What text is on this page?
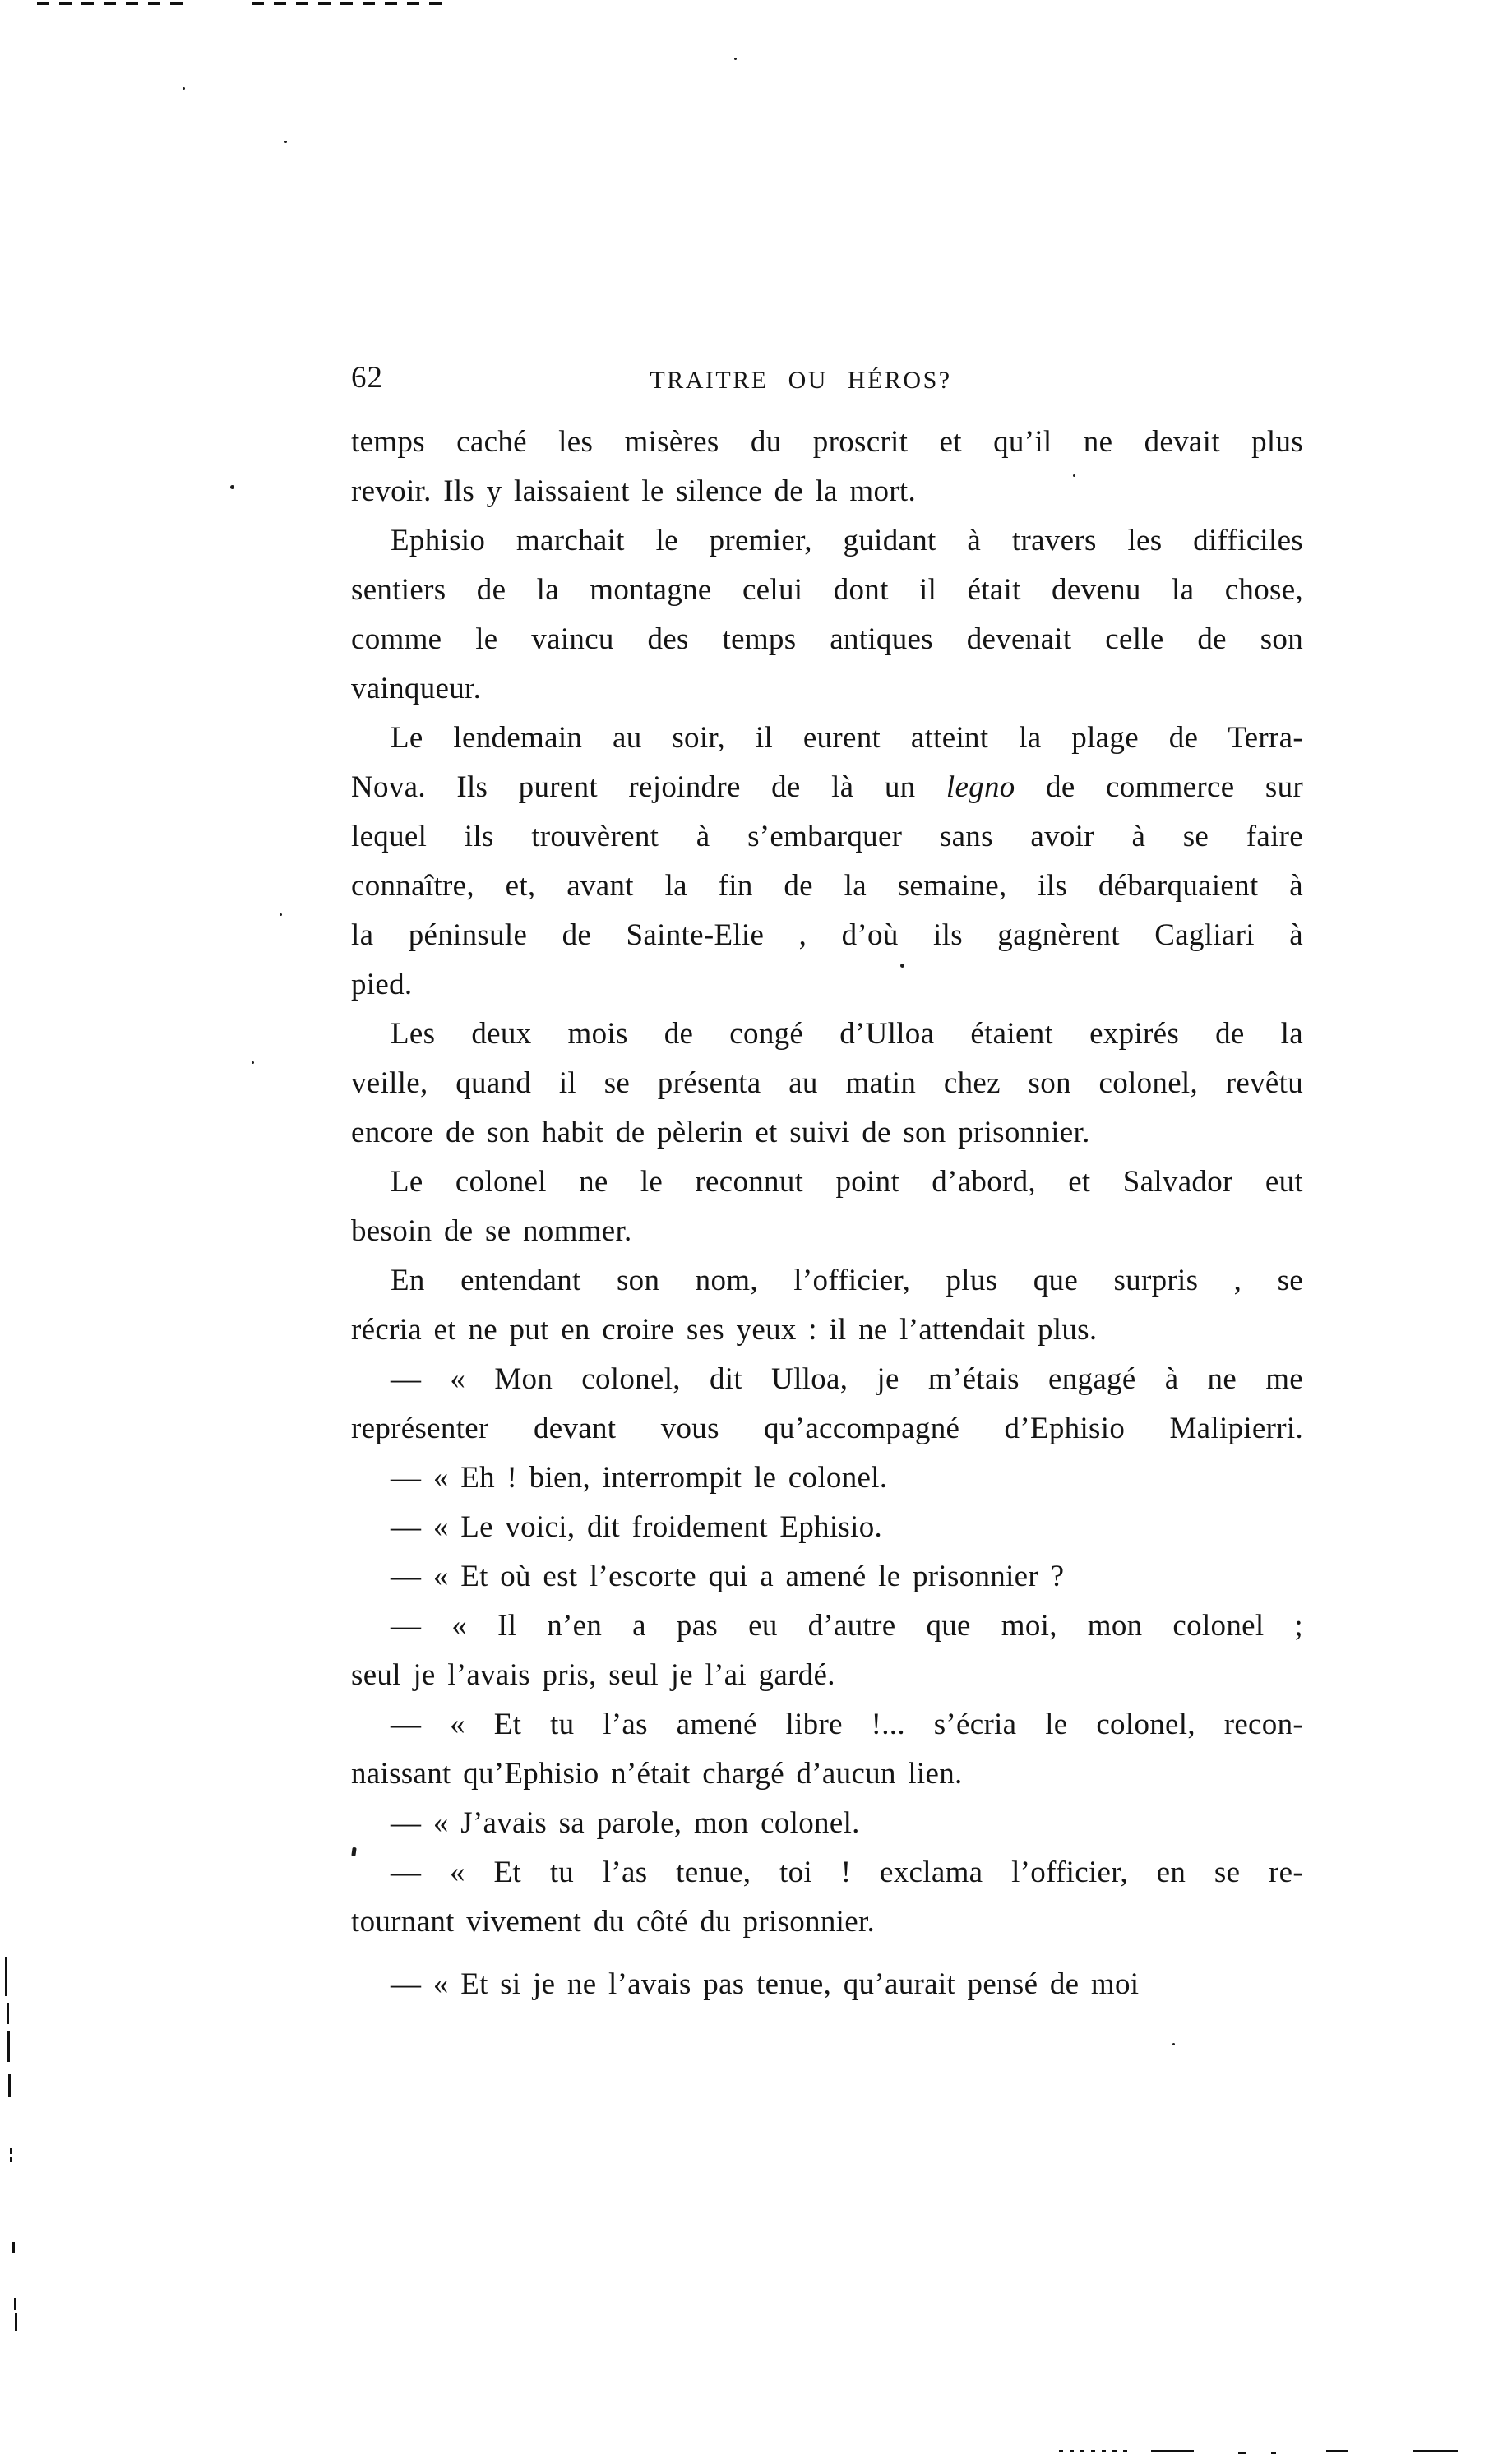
62	TRAITRE OU HÉROS?
temps caché les misères du proscrit et qu’il ne devait plus
revoir. Ils y laissaient le silence de la mort.
Ephisio marchait le premier, guidant à travers les difficiles
sentiers de la montagne celui dont il était devenu la chose,
comme le vaincu des temps antiques devenait celle de son
vainqueur.
Le lendemain au soir, il eurent atteint la plage de Terra-
Nova. Ils purent rejoindre de là un legno de commerce sur
lequel ils trouvèrent à s’embarquer sans avoir à se faire
connaître, et, avant la fin de la semaine, ils débarquaient à
la péninsule de Sainte-Elie , d’où ils gagnèrent Cagliari à
pied.
Les deux mois de congé d’Ulloa étaient expirés de la
veille, quand il se présenta au matin chez son colonel, revêtu
encore de son habit de pèlerin et suivi de son prisonnier.
Le colonel ne le reconnut point d’abord, et Salvador eut
besoin de se nommer.
En entendant son nom, l’officier, plus que surpris , se
récria et ne put en croire ses yeux : il ne l’attendait plus.
— « Mon colonel, dit Ulloa, je m’étais engagé à ne me
représenter devant vous qu’accompagné d’Ephisio Malipierri.
— « Eh ! bien, interrompit le colonel.
— « Le voici, dit froidement Ephisio.
— « Et où est l’escorte qui a amené le prisonnier ?
— « Il n’en a pas eu d’autre que moi, mon colonel ;
seul je l’avais pris, seul je l’ai gardé.
— « Et tu l’as amené libre !... s’écria le colonel, recon-
naissant qu’Ephisio n’était chargé d’aucun lien.
— « J’avais sa parole, mon colonel.
— « Et tu l’as tenue, toi ! exclama l’officier, en se re-
tournant vivement du côté du prisonnier.
— « Et si je ne l’avais pas tenue, qu’aurait pensé de moi
